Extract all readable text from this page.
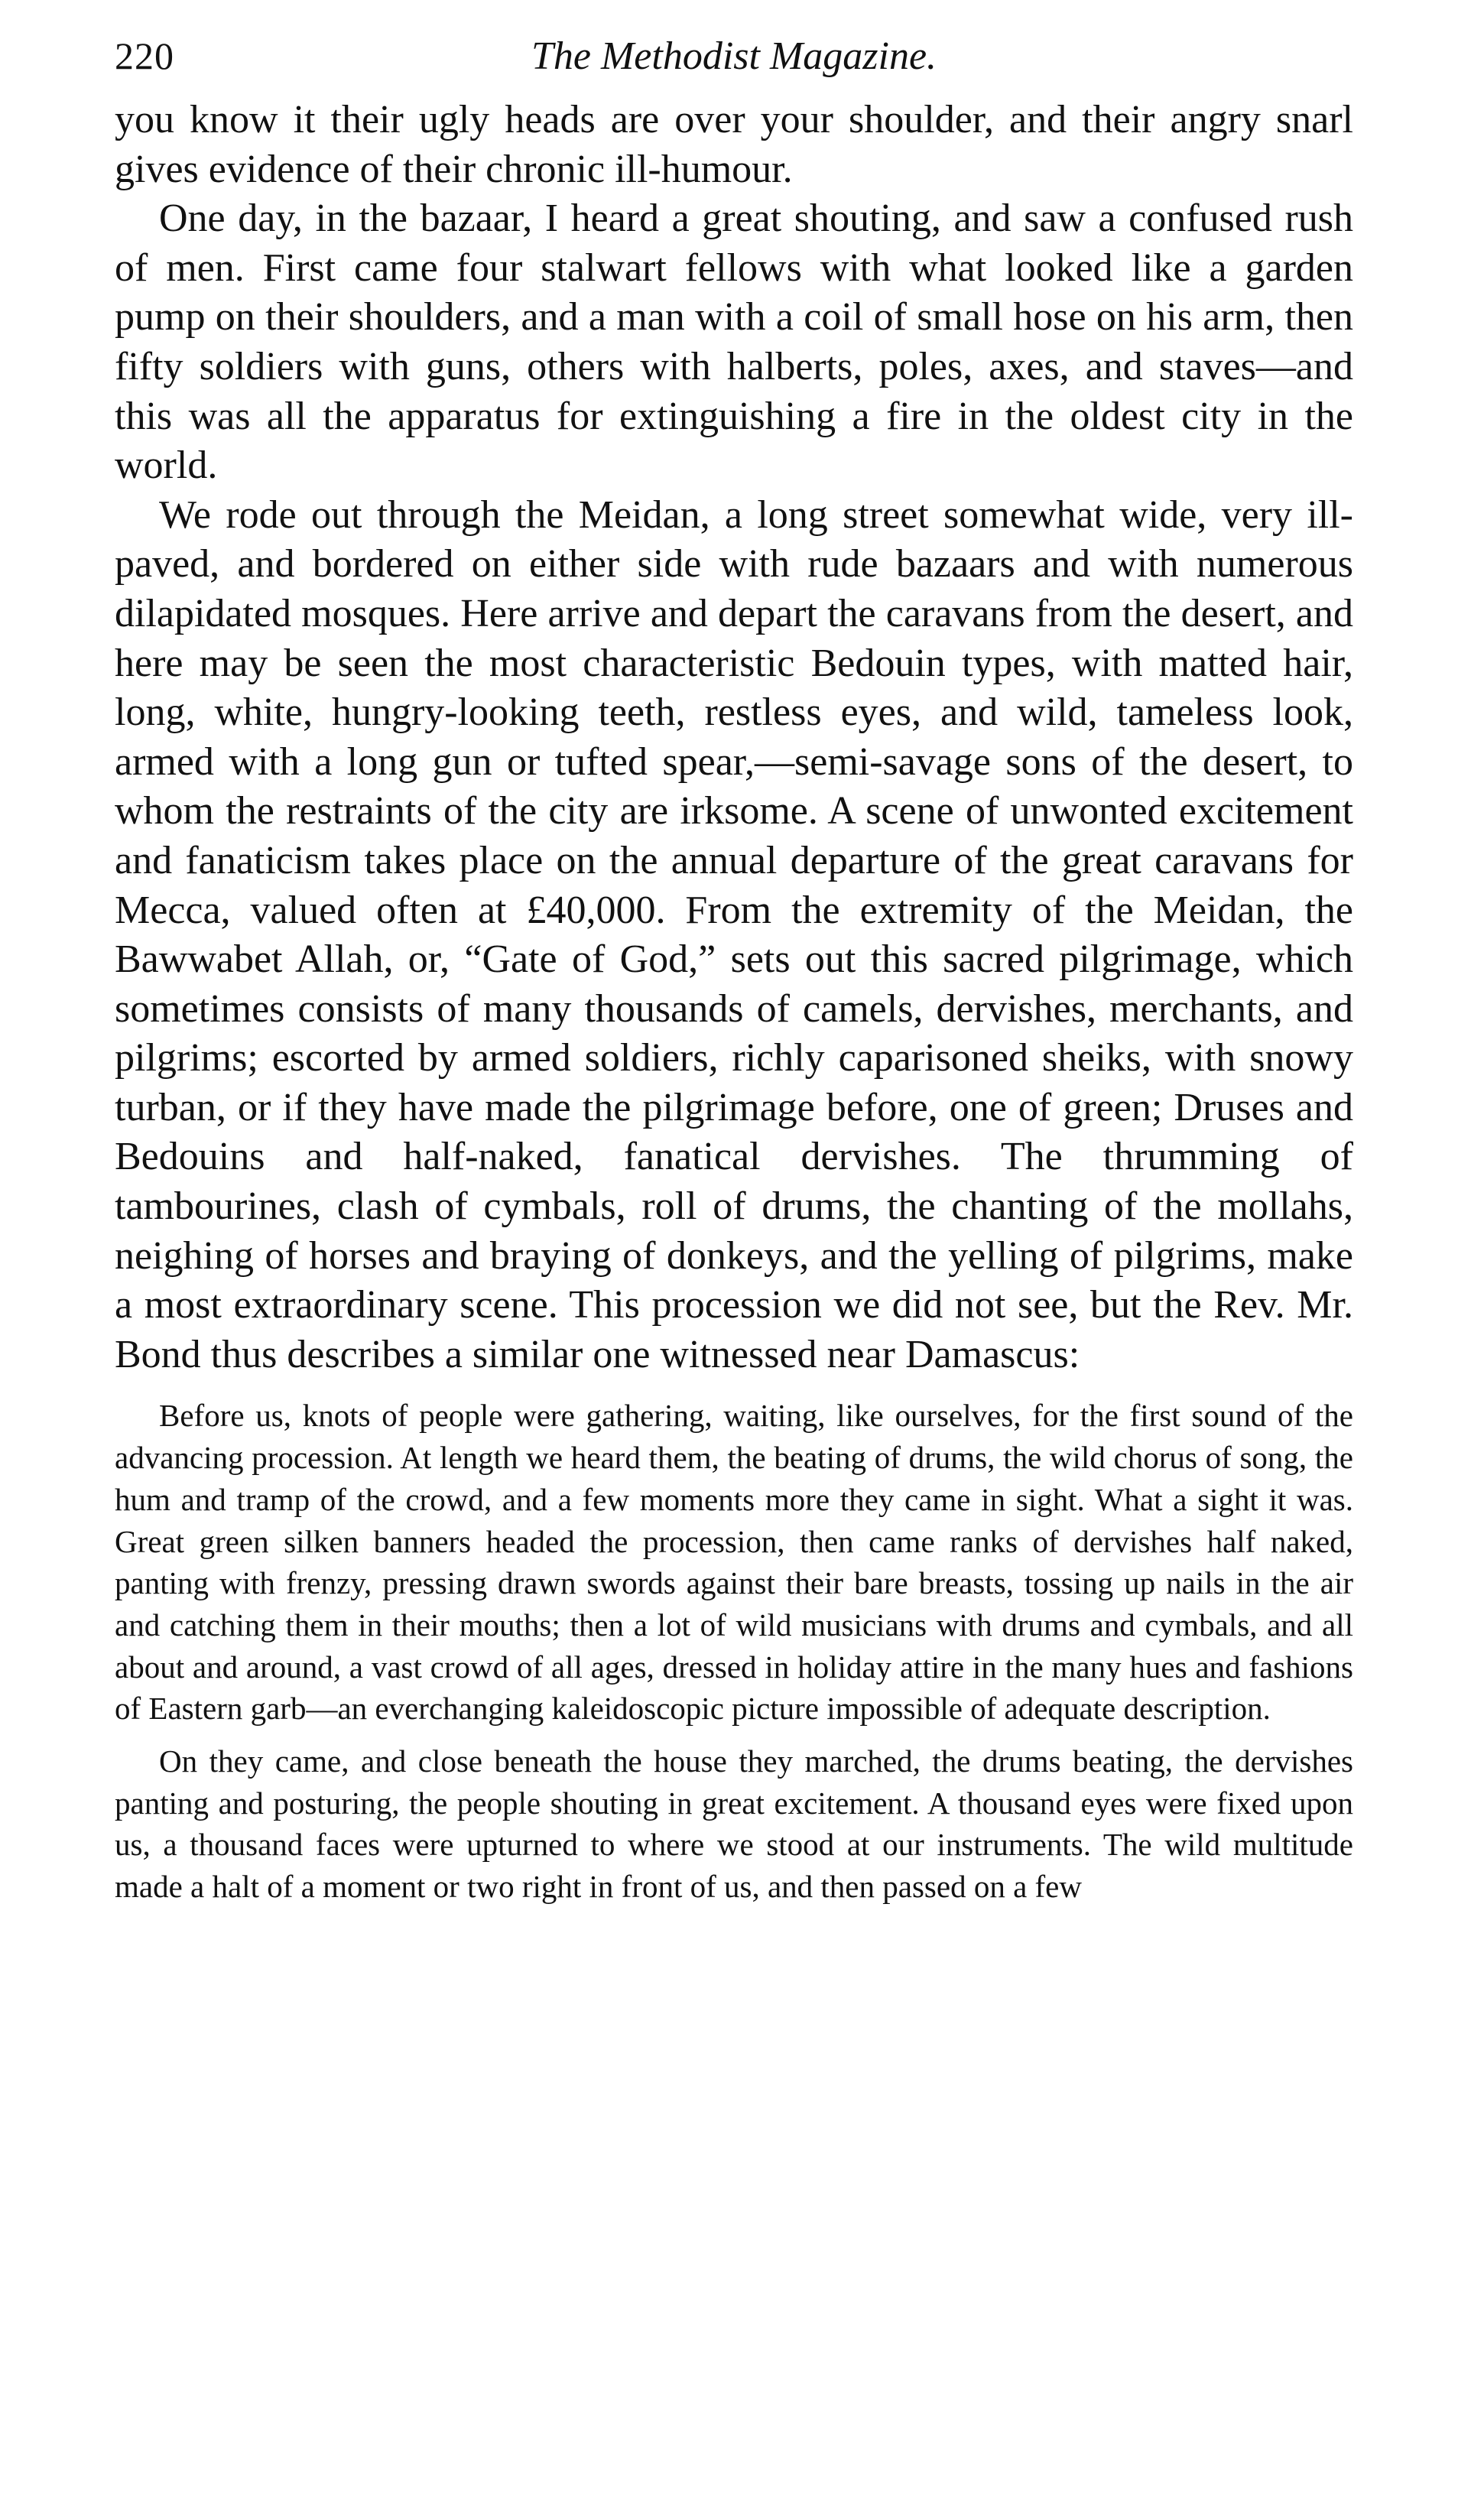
220	The Methodist Magazine.

you know it their ugly heads are over your shoulder, and their angry snarl gives evidence of their chronic ill-humour.

One day, in the bazaar, I heard a great shouting, and saw a confused rush of men. First came four stalwart fellows with what looked like a garden pump on their shoulders, and a man with a coil of small hose on his arm, then fifty soldiers with guns, others with halberts, poles, axes, and staves—and this was all the apparatus for extinguishing a fire in the oldest city in the world.

We rode out through the Meidan, a long street somewhat wide, very ill-paved, and bordered on either side with rude bazaars and with numerous dilapidated mosques. Here arrive and depart the caravans from the desert, and here may be seen the most characteristic Bedouin types, with matted hair, long, white, hungry-looking teeth, restless eyes, and wild, tameless look, armed with a long gun or tufted spear,—semi-savage sons of the desert, to whom the restraints of the city are irksome. A scene of unwonted excitement and fanaticism takes place on the annual departure of the great caravans for Mecca, valued often at £40,000. From the extremity of the Meidan, the Bawwabet Allah, or, “Gate of God,” sets out this sacred pilgrimage, which sometimes consists of many thousands of camels, dervishes, merchants, and pilgrims; escorted by armed soldiers, richly caparisoned sheiks, with snowy turban, or if they have made the pilgrimage before, one of green; Druses and Bedouins and half-naked, fanatical dervishes. The thrumming of tambourines, clash of cymbals, roll of drums, the chanting of the mollahs, neighing of horses and braying of donkeys, and the yelling of pilgrims, make a most extraordinary scene. This procession we did not see, but the Rev. Mr. Bond thus describes a similar one witnessed near Damascus:

Before us, knots of people were gathering, waiting, like ourselves, for the first sound of the advancing procession. At length we heard them, the beating of drums, the wild chorus of song, the hum and tramp of the crowd, and a few moments more they came in sight. What a sight it was. Great green silken banners headed the procession, then came ranks of dervishes half naked, panting with frenzy, pressing drawn swords against their bare breasts, tossing up nails in the air and catching them in their mouths; then a lot of wild musicians with drums and cymbals, and all about and around, a vast crowd of all ages, dressed in holiday attire in the many hues and fashions of Eastern garb—an everchanging kaleidoscopic picture impossible of adequate description.

On they came, and close beneath the house they marched, the drums beating, the dervishes panting and posturing, the people shouting in great excitement. A thousand eyes were fixed upon us, a thousand faces were upturned to where we stood at our instruments. The wild multitude made a halt of a moment or two right in front of us, and then passed on a few
